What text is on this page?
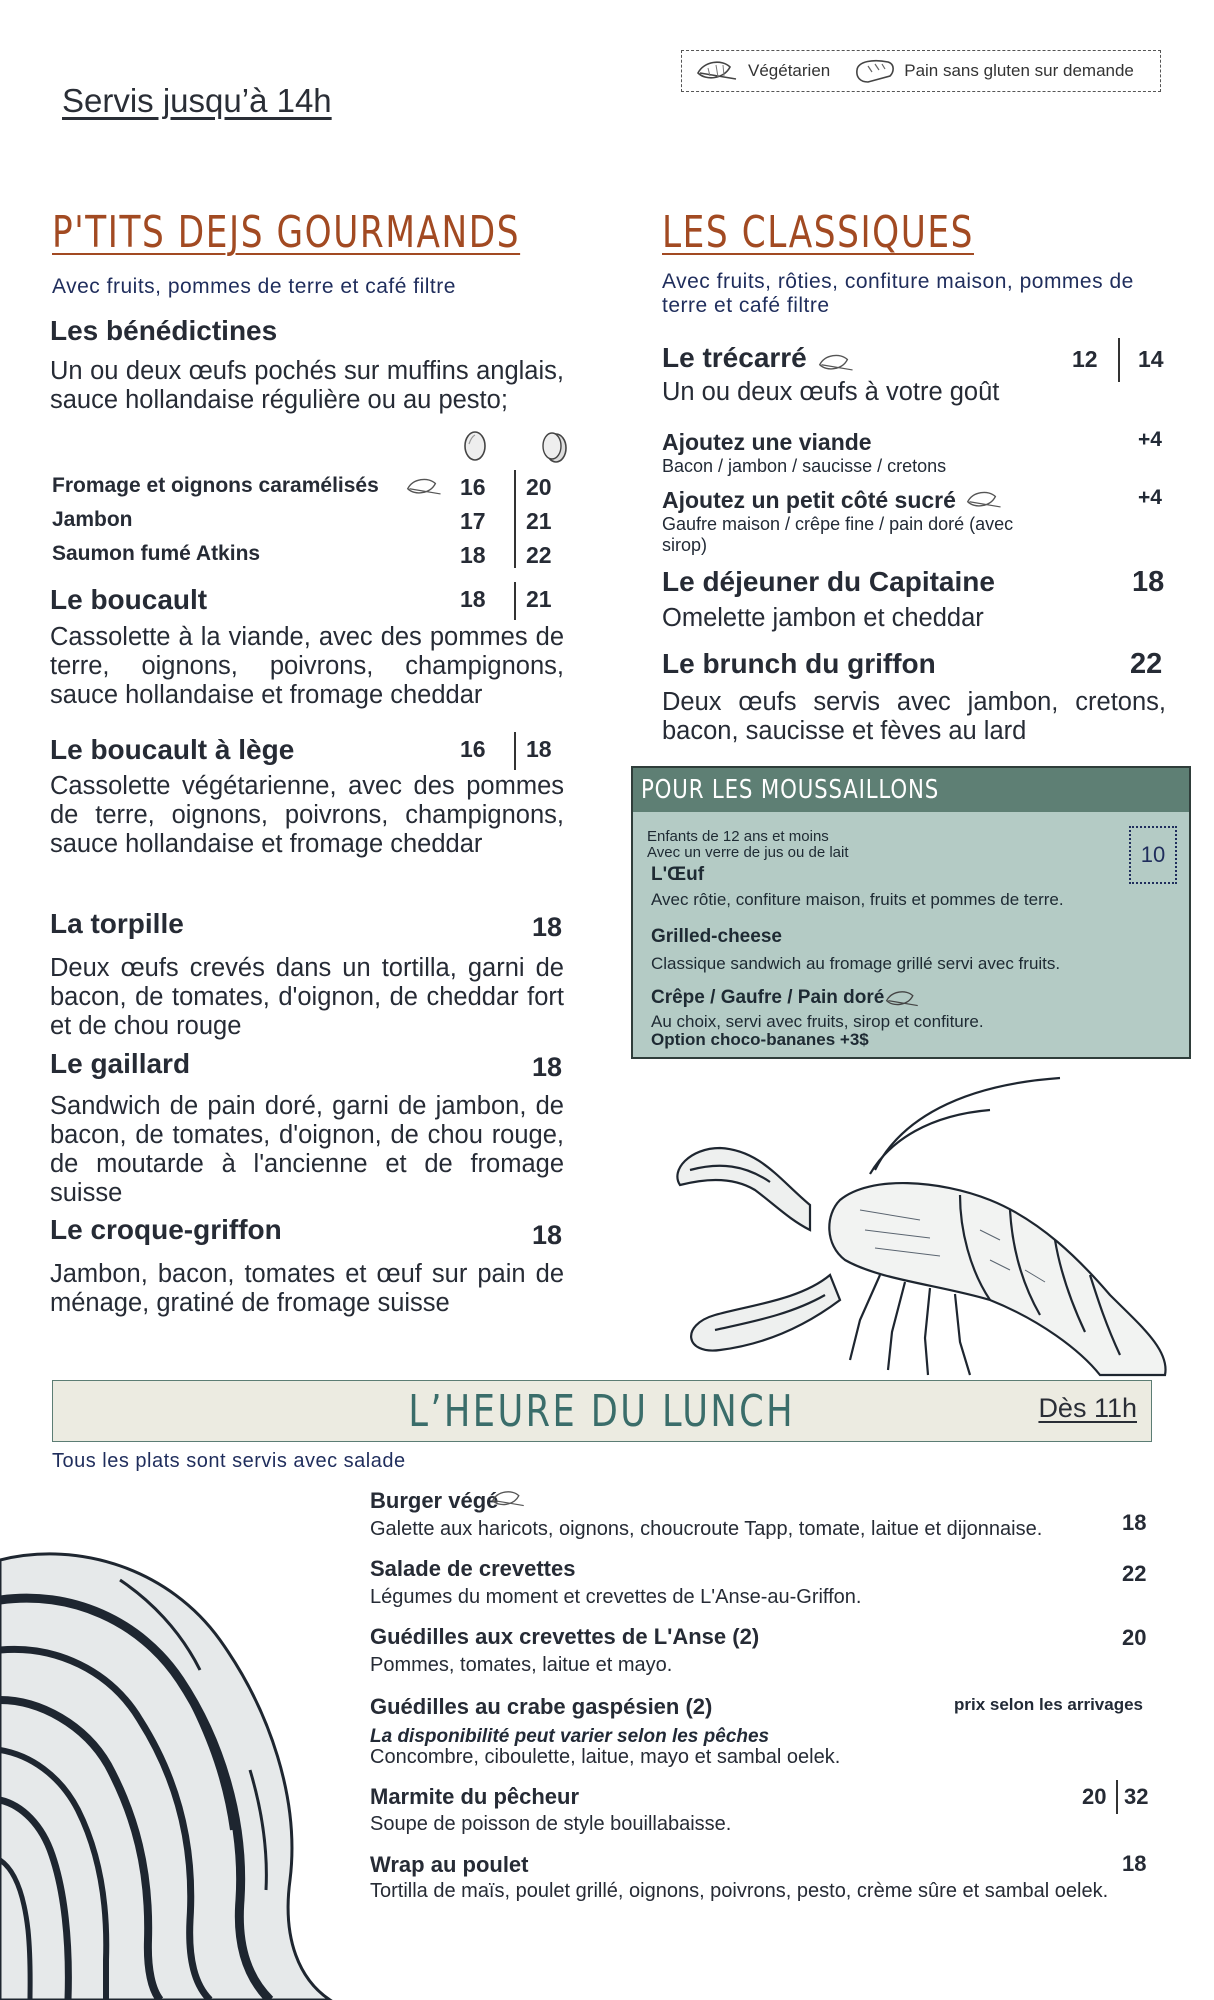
Végétarien	Pain sans gluten sur demande
Servis jusqu’à 14h
P'TITS DEJS GOURMANDS
Avec fruits, pommes de terre et café filtre
Les bénédictines
Un ou deux œufs pochés sur muffins anglais, sauce hollandaise régulière ou au pesto;
Fromage et oignons caramélisés	16 20
Jambon	17 21
Saumon fumé Atkins	18 22
Le boucault	18 21
Cassolette à la viande, avec des pommes de terre, oignons, poivrons, champignons, sauce hollandaise et fromage cheddar
Le boucault à lège	16 18
Cassolette végétarienne, avec des pommes de terre, oignons, poivrons, champignons, sauce hollandaise et fromage cheddar
La torpille	18
Deux œufs crevés dans un tortilla, garni de bacon, de tomates, d'oignon, de cheddar fort et de chou rouge
Le gaillard	18
Sandwich de pain doré, garni de jambon, de bacon, de tomates, d'oignon, de chou rouge, de moutarde à l'ancienne et de fromage suisse
Le croque-griffon	18
Jambon, bacon, tomates et œuf sur pain de ménage, gratiné de fromage suisse
LES CLASSIQUES
Avec fruits, rôties, confiture maison, pommes de terre et café filtre
Le trécarré	12 14
Un ou deux œufs à votre goût
Ajoutez une viande	+4
Bacon / jambon / saucisse / cretons
Ajoutez un petit côté sucré	+4
Gaufre maison / crêpe fine / pain doré (avec sirop)
Le déjeuner du Capitaine	18
Omelette jambon et cheddar
Le brunch du griffon	22
Deux œufs servis avec jambon, cretons, bacon, saucisse et fèves au lard
POUR LES MOUSSAILLONS
Enfants de 12 ans et moins
Avec un verre de jus ou de lait	10
L'Œuf
Avec rôtie, confiture maison, fruits et pommes de terre.
Grilled-cheese
Classique sandwich au fromage grillé servi avec fruits.
Crêpe / Gaufre / Pain doré
Au choix, servi avec fruits, sirop et confiture.
Option choco-bananes +3$
L’HEURE DU LUNCH	Dès 11h
Tous les plats sont servis avec salade
Burger végé
Galette aux haricots, oignons, choucroute Tapp, tomate, laitue et dijonnaise.	18
Salade de crevettes
Légumes du moment et crevettes de L'Anse-au-Griffon.
22
Guédilles aux crevettes de L'Anse (2)
Pommes, tomates, laitue et mayo.
20
Guédilles au crabe gaspésien (2)	prix selon les arrivages
La disponibilité peut varier selon les pêches
Concombre, ciboulette, laitue, mayo et sambal oelek.
Marmite du pêcheur	20 32
Soupe de poisson de style bouillabaisse.
Wrap au poulet	18
Tortilla de maïs, poulet grillé, oignons, poivrons, pesto, crème sûre et sambal oelek.
